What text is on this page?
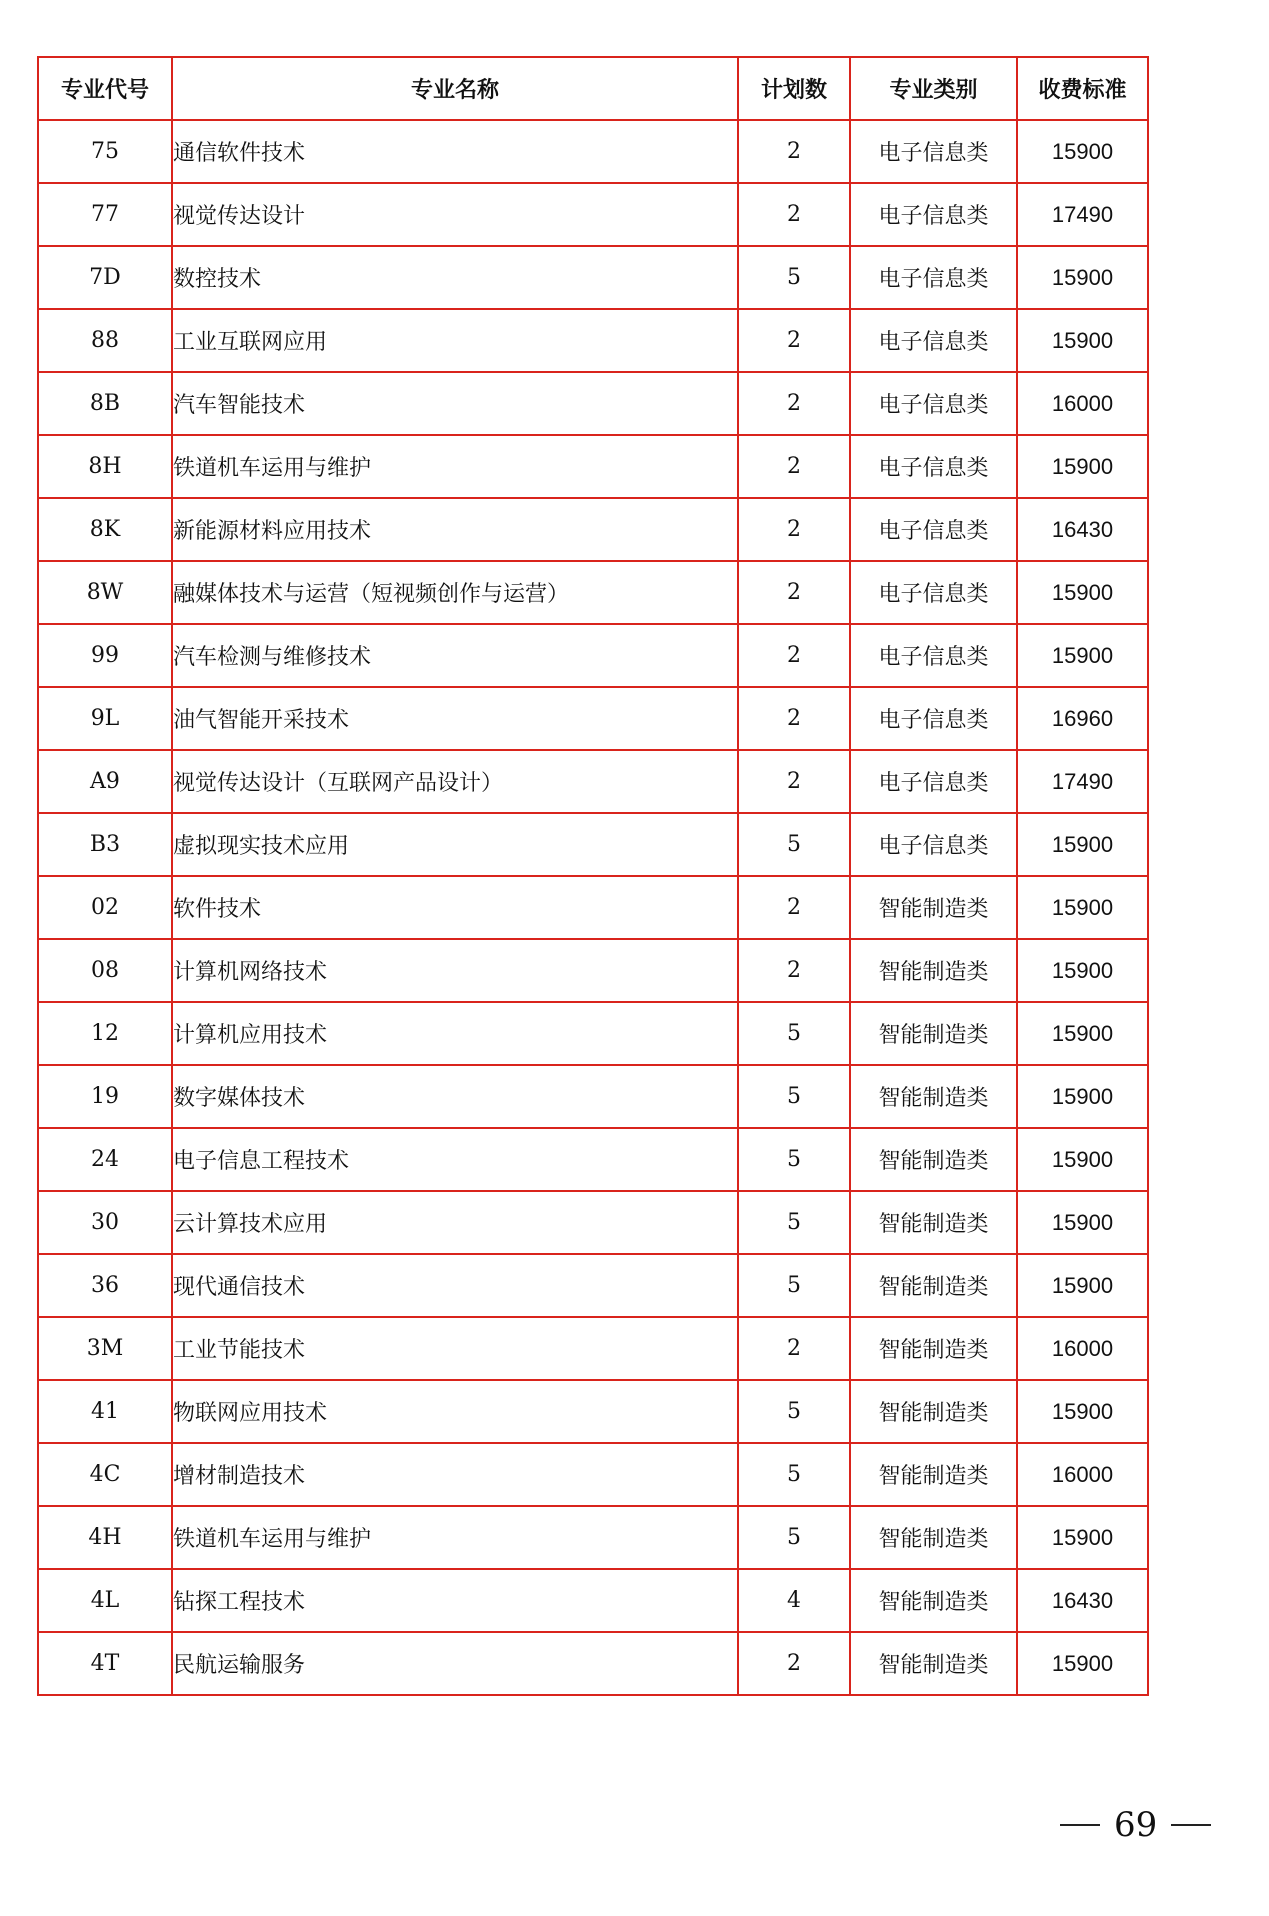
专业代号	专业名称	计划数	专业类别	收费标准
75	通信软件技术	2	电子信息类	15900
77	视觉传达设计	2	电子信息类	17490
7D	数控技术	5	电子信息类	15900
88	工业互联网应用	2	电子信息类	15900
8B	汽车智能技术	2	电子信息类	16000
8H	铁道机车运用与维护	2	电子信息类	15900
8K	新能源材料应用技术	2	电子信息类	16430
8W	融媒体技术与运营（短视频创作与运营）	2	电子信息类	15900
99	汽车检测与维修技术	2	电子信息类	15900
9L	油气智能开采技术	2	电子信息类	16960
A9	视觉传达设计（互联网产品设计）	2	电子信息类	17490
B3	虚拟现实技术应用	5	电子信息类	15900
02	软件技术	2	智能制造类	15900
08	计算机网络技术	2	智能制造类	15900
12	计算机应用技术	5	智能制造类	15900
19	数字媒体技术	5	智能制造类	15900
24	电子信息工程技术	5	智能制造类	15900
30	云计算技术应用	5	智能制造类	15900
36	现代通信技术	5	智能制造类	15900
3M	工业节能技术	2	智能制造类	16000
41	物联网应用技术	5	智能制造类	15900
4C	增材制造技术	5	智能制造类	16000
4H	铁道机车运用与维护	5	智能制造类	15900
4L	钻探工程技术	4	智能制造类	16430
4T	民航运输服务	2	智能制造类	15900
69
